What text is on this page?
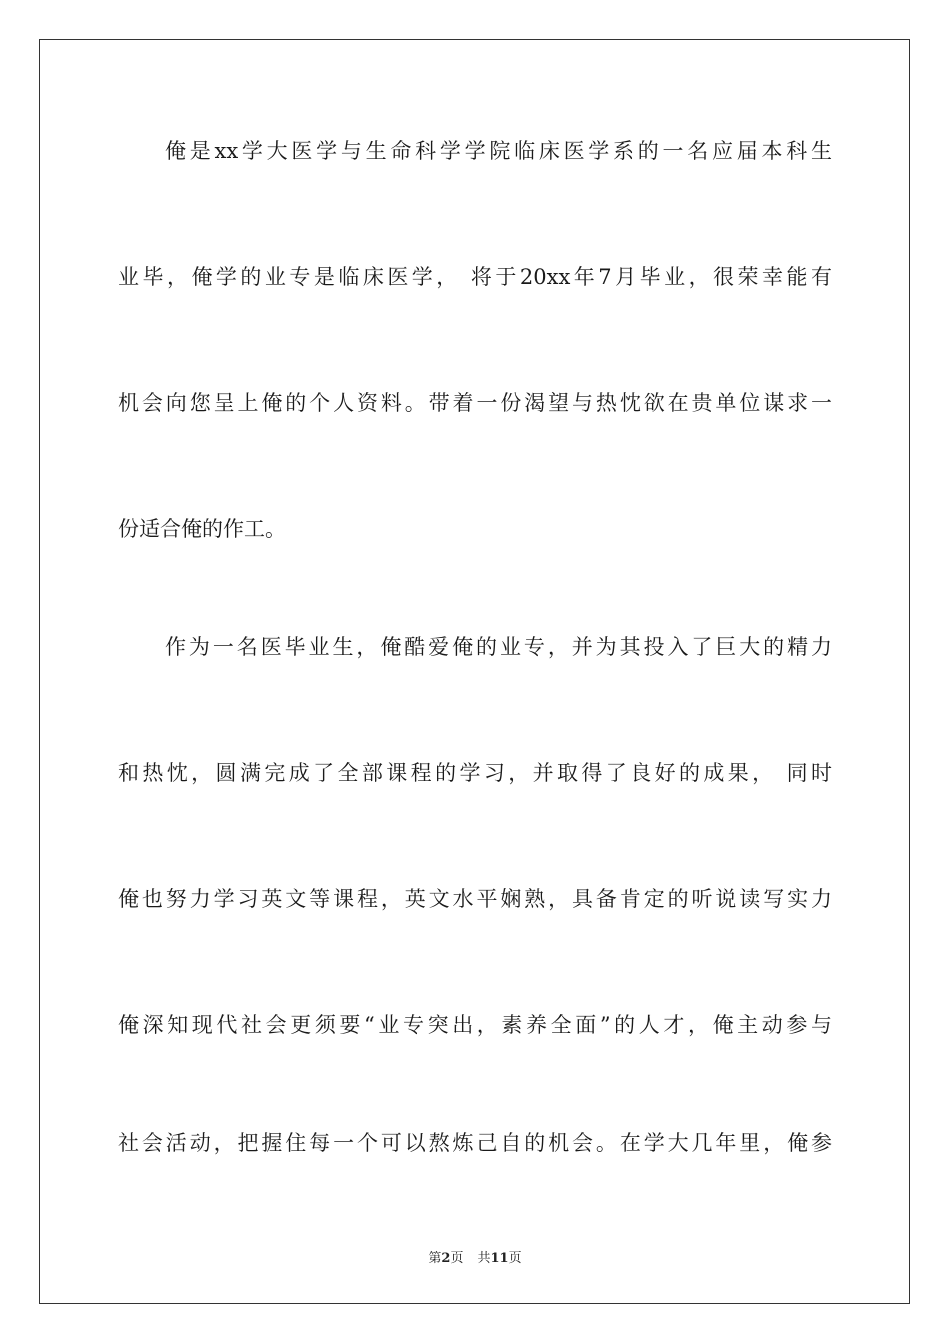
俺是xx学大医学与生命科学学院临床医学系的一名应届本科生
业毕，俺学的业专是临床医学， 将于20xx年7月毕业，很荣幸能有
机会向您呈上俺的个人资料。带着一份渴望与热忱欲在贵单位谋求一
份适合俺的作工。
作为一名医毕业生，俺酷爱俺的业专，并为其投入了巨大的精力
和热忱，圆满完成了全部课程的学习，并取得了良好的成果， 同时
俺也努力学习英文等课程，英文水平娴熟，具备肯定的听说读写实力
俺深知现代社会更须要“业专突出，素养全面”的人才，俺主动参与
社会活动，把握住每一个可以熬炼己自的机会。在学大几年里，俺参
第2页 共11页
